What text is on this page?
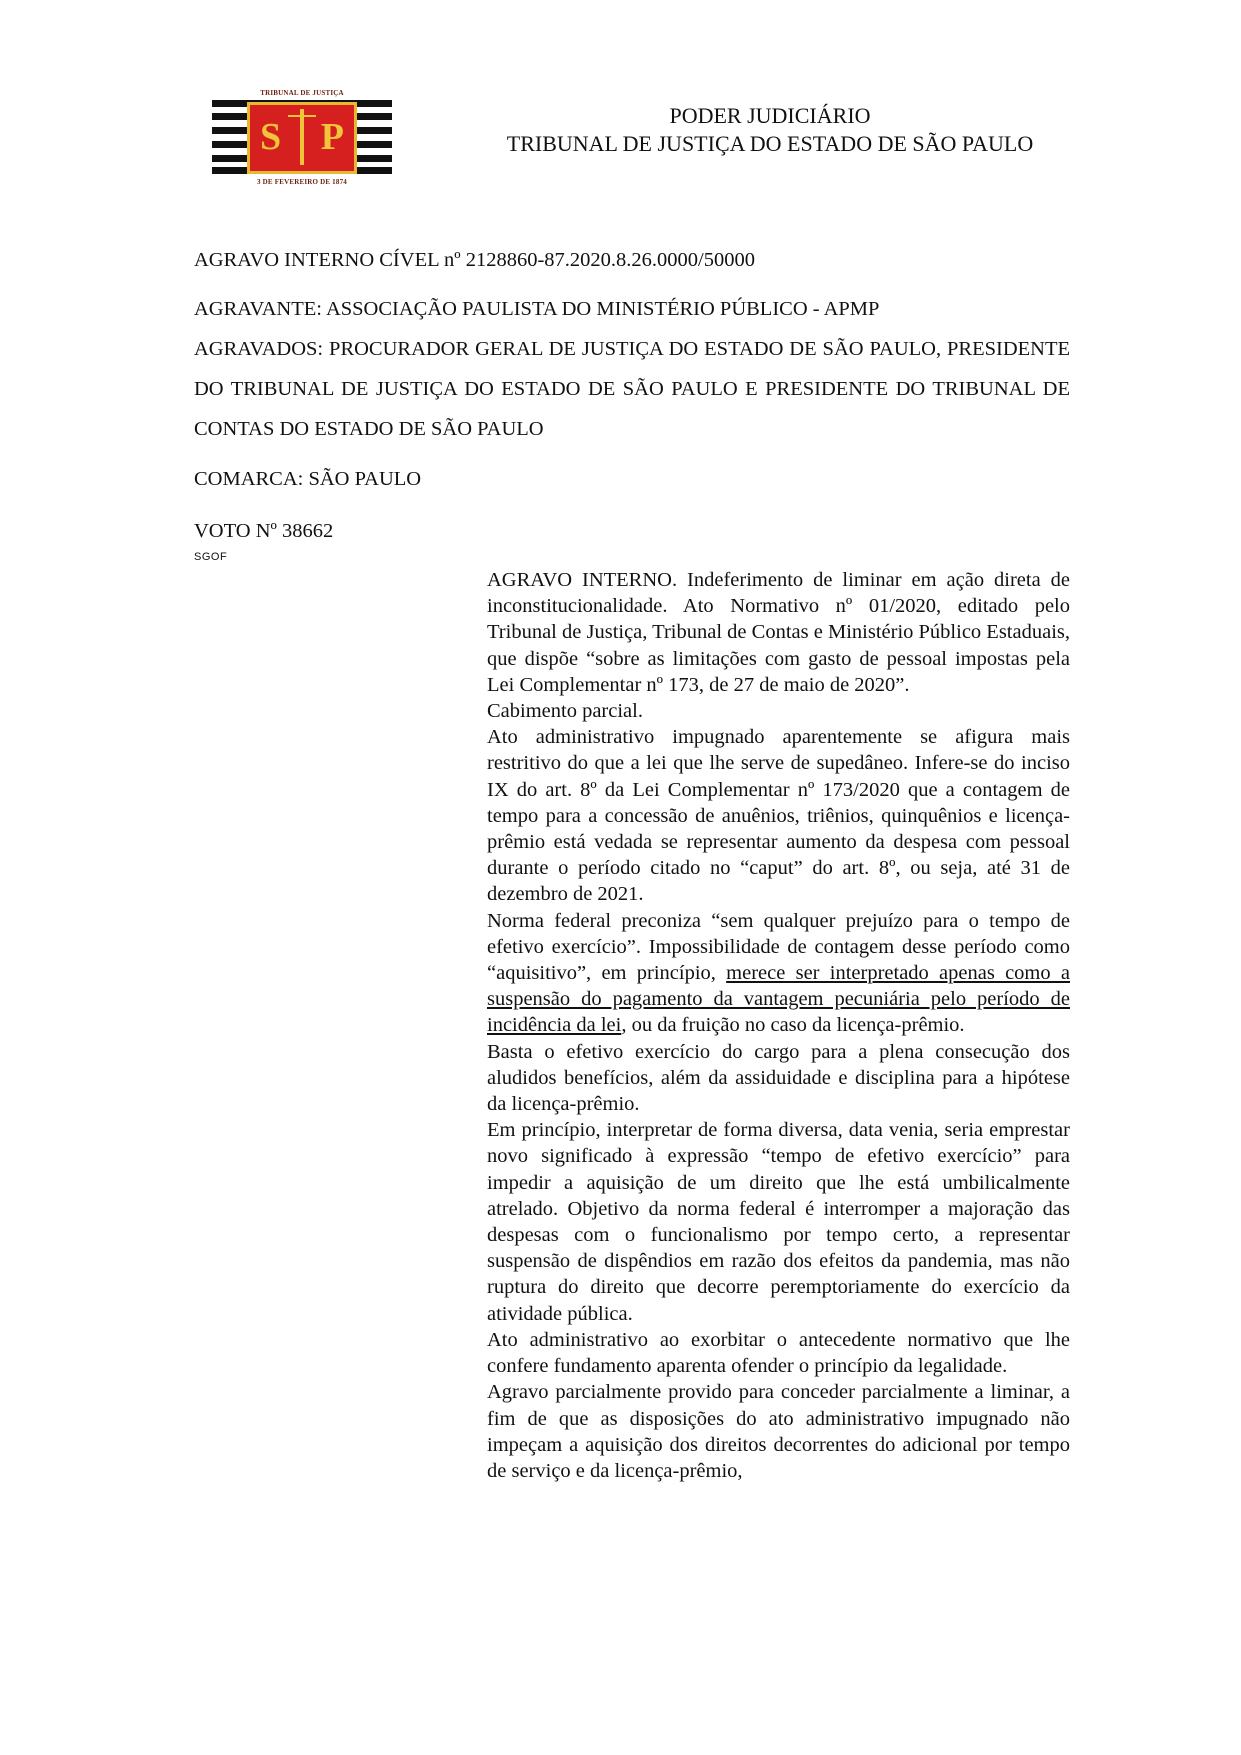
TRIBUNAL DE JUSTIÇA
S P
3 DE FEVEREIRO DE 1874
PODER JUDICIÁRIO
TRIBUNAL DE JUSTIÇA DO ESTADO DE SÃO PAULO
AGRAVO INTERNO CÍVEL nº 2128860-87.2020.8.26.0000/50000
AGRAVANTE: ASSOCIAÇÃO PAULISTA DO MINISTÉRIO PÚBLICO - APMP
AGRAVADOS: PROCURADOR GERAL DE JUSTIÇA DO ESTADO DE SÃO PAULO, PRESIDENTE DO TRIBUNAL DE JUSTIÇA DO ESTADO DE SÃO PAULO E PRESIDENTE DO TRIBUNAL DE CONTAS DO ESTADO DE SÃO PAULO
COMARCA: SÃO PAULO
VOTO Nº 38662
SGOF

AGRAVO INTERNO. Indeferimento de liminar em ação direta de inconstitucionalidade. Ato Normativo nº 01/2020, editado pelo Tribunal de Justiça, Tribunal de Contas e Ministério Público Estaduais, que dispõe “sobre as limitações com gasto de pessoal impostas pela Lei Complementar nº 173, de 27 de maio de 2020”.

Cabimento parcial.

Ato administrativo impugnado aparentemente se afigura mais restritivo do que a lei que lhe serve de supedâneo. Infere-se do inciso IX do art. 8º da Lei Complementar nº 173/2020 que a contagem de tempo para a concessão de anuênios, triênios, quinquênios e licença-prêmio está vedada se representar aumento da despesa com pessoal durante o período citado no “caput” do art. 8º, ou seja, até 31 de dezembro de 2021.

Norma federal preconiza “sem qualquer prejuízo para o tempo de efetivo exercício”. Impossibilidade de contagem desse período como “aquisitivo”, em princípio, merece ser interpretado apenas como a suspensão do pagamento da vantagem pecuniária pelo período de incidência da lei, ou da fruição no caso da licença-prêmio.

Basta o efetivo exercício do cargo para a plena consecução dos aludidos benefícios, além da assiduidade e disciplina para a hipótese da licença-prêmio.

Em princípio, interpretar de forma diversa, data venia, seria emprestar novo significado à expressão “tempo de efetivo exercício” para impedir a aquisição de um direito que lhe está umbilicalmente atrelado. Objetivo da norma federal é interromper a majoração das despesas com o funcionalismo por tempo certo, a representar suspensão de dispêndios em razão dos efeitos da pandemia, mas não ruptura do direito que decorre peremptoriamente do exercício da atividade pública.

Ato administrativo ao exorbitar o antecedente normativo que lhe confere fundamento aparenta ofender o princípio da legalidade.

Agravo parcialmente provido para conceder parcialmente a liminar, a fim de que as disposições do ato administrativo impugnado não impeçam a aquisição dos direitos decorrentes do adicional por tempo de serviço e da licença-prêmio,
